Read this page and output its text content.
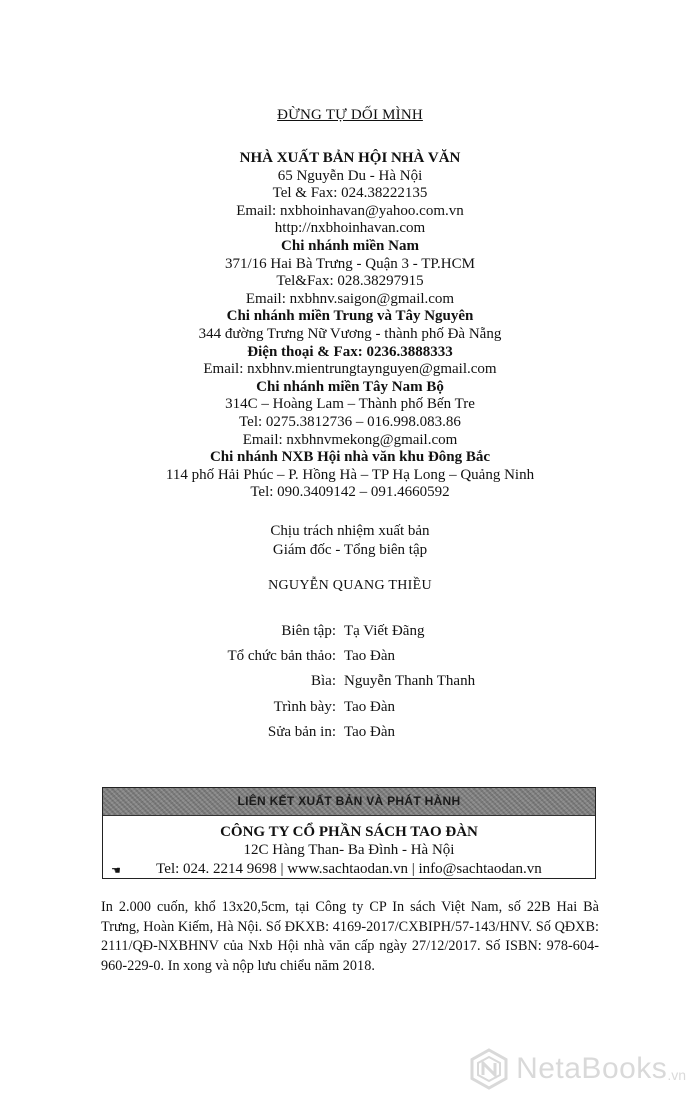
ĐỪNG TỰ DỐI MÌNH
NHÀ XUẤT BẢN HỘI NHÀ VĂN
65 Nguyễn Du - Hà Nội
Tel & Fax: 024.38222135
Email: nxbhoinhavan@yahoo.com.vn
http://nxbhoinhavan.com
Chi nhánh miền Nam
371/16 Hai Bà Trưng - Quận 3 - TP.HCM
Tel&Fax: 028.38297915
Email: nxbhnv.saigon@gmail.com
Chi nhánh miền Trung và Tây Nguyên
344 đường Trưng Nữ Vương - thành phố Đà Nẵng
Điện thoại & Fax: 0236.3888333
Email: nxbhnv.mientrungtaynguyen@gmail.com
Chi nhánh miền Tây Nam Bộ
314C – Hoàng Lam – Thành phố Bến Tre
Tel: 0275.3812736 – 016.998.083.86
Email: nxbhnvmekong@gmail.com
Chi nhánh NXB Hội nhà văn khu Đông Bắc
114 phố Hải Phúc – P. Hồng Hà – TP Hạ Long – Quảng Ninh
Tel: 090.3409142 – 091.4660592
Chịu trách nhiệm xuất bản
Giám đốc - Tổng biên tập
NGUYỄN QUANG THIỀU
Biên tập: Tạ Viết Đãng
Tổ chức bản thảo: Tao Đàn
Bìa: Nguyễn Thanh Thanh
Trình bày: Tao Đàn
Sửa bản in: Tao Đàn
LIÊN KẾT XUẤT BẢN VÀ PHÁT HÀNH
CÔNG TY CỔ PHẦN SÁCH TAO ĐÀN
12C Hàng Than- Ba Đình - Hà Nội
Tel: 024. 2214 9698 | www.sachtaodan.vn | info@sachtaodan.vn
☚
In 2.000 cuốn, khổ 13x20,5cm, tại Công ty CP In sách Việt Nam, số 22B Hai Bà Trưng, Hoàn Kiếm, Hà Nội. Số ĐKXB: 4169-2017/CXBIPH/57-143/HNV. Số QĐXB: 2111/QĐ-NXBHNV của Nxb Hội nhà văn cấp ngày 27/12/2017. Số ISBN: 978-604-960-229-0. In xong và nộp lưu chiểu năm 2018.
NetaBooks .vn
